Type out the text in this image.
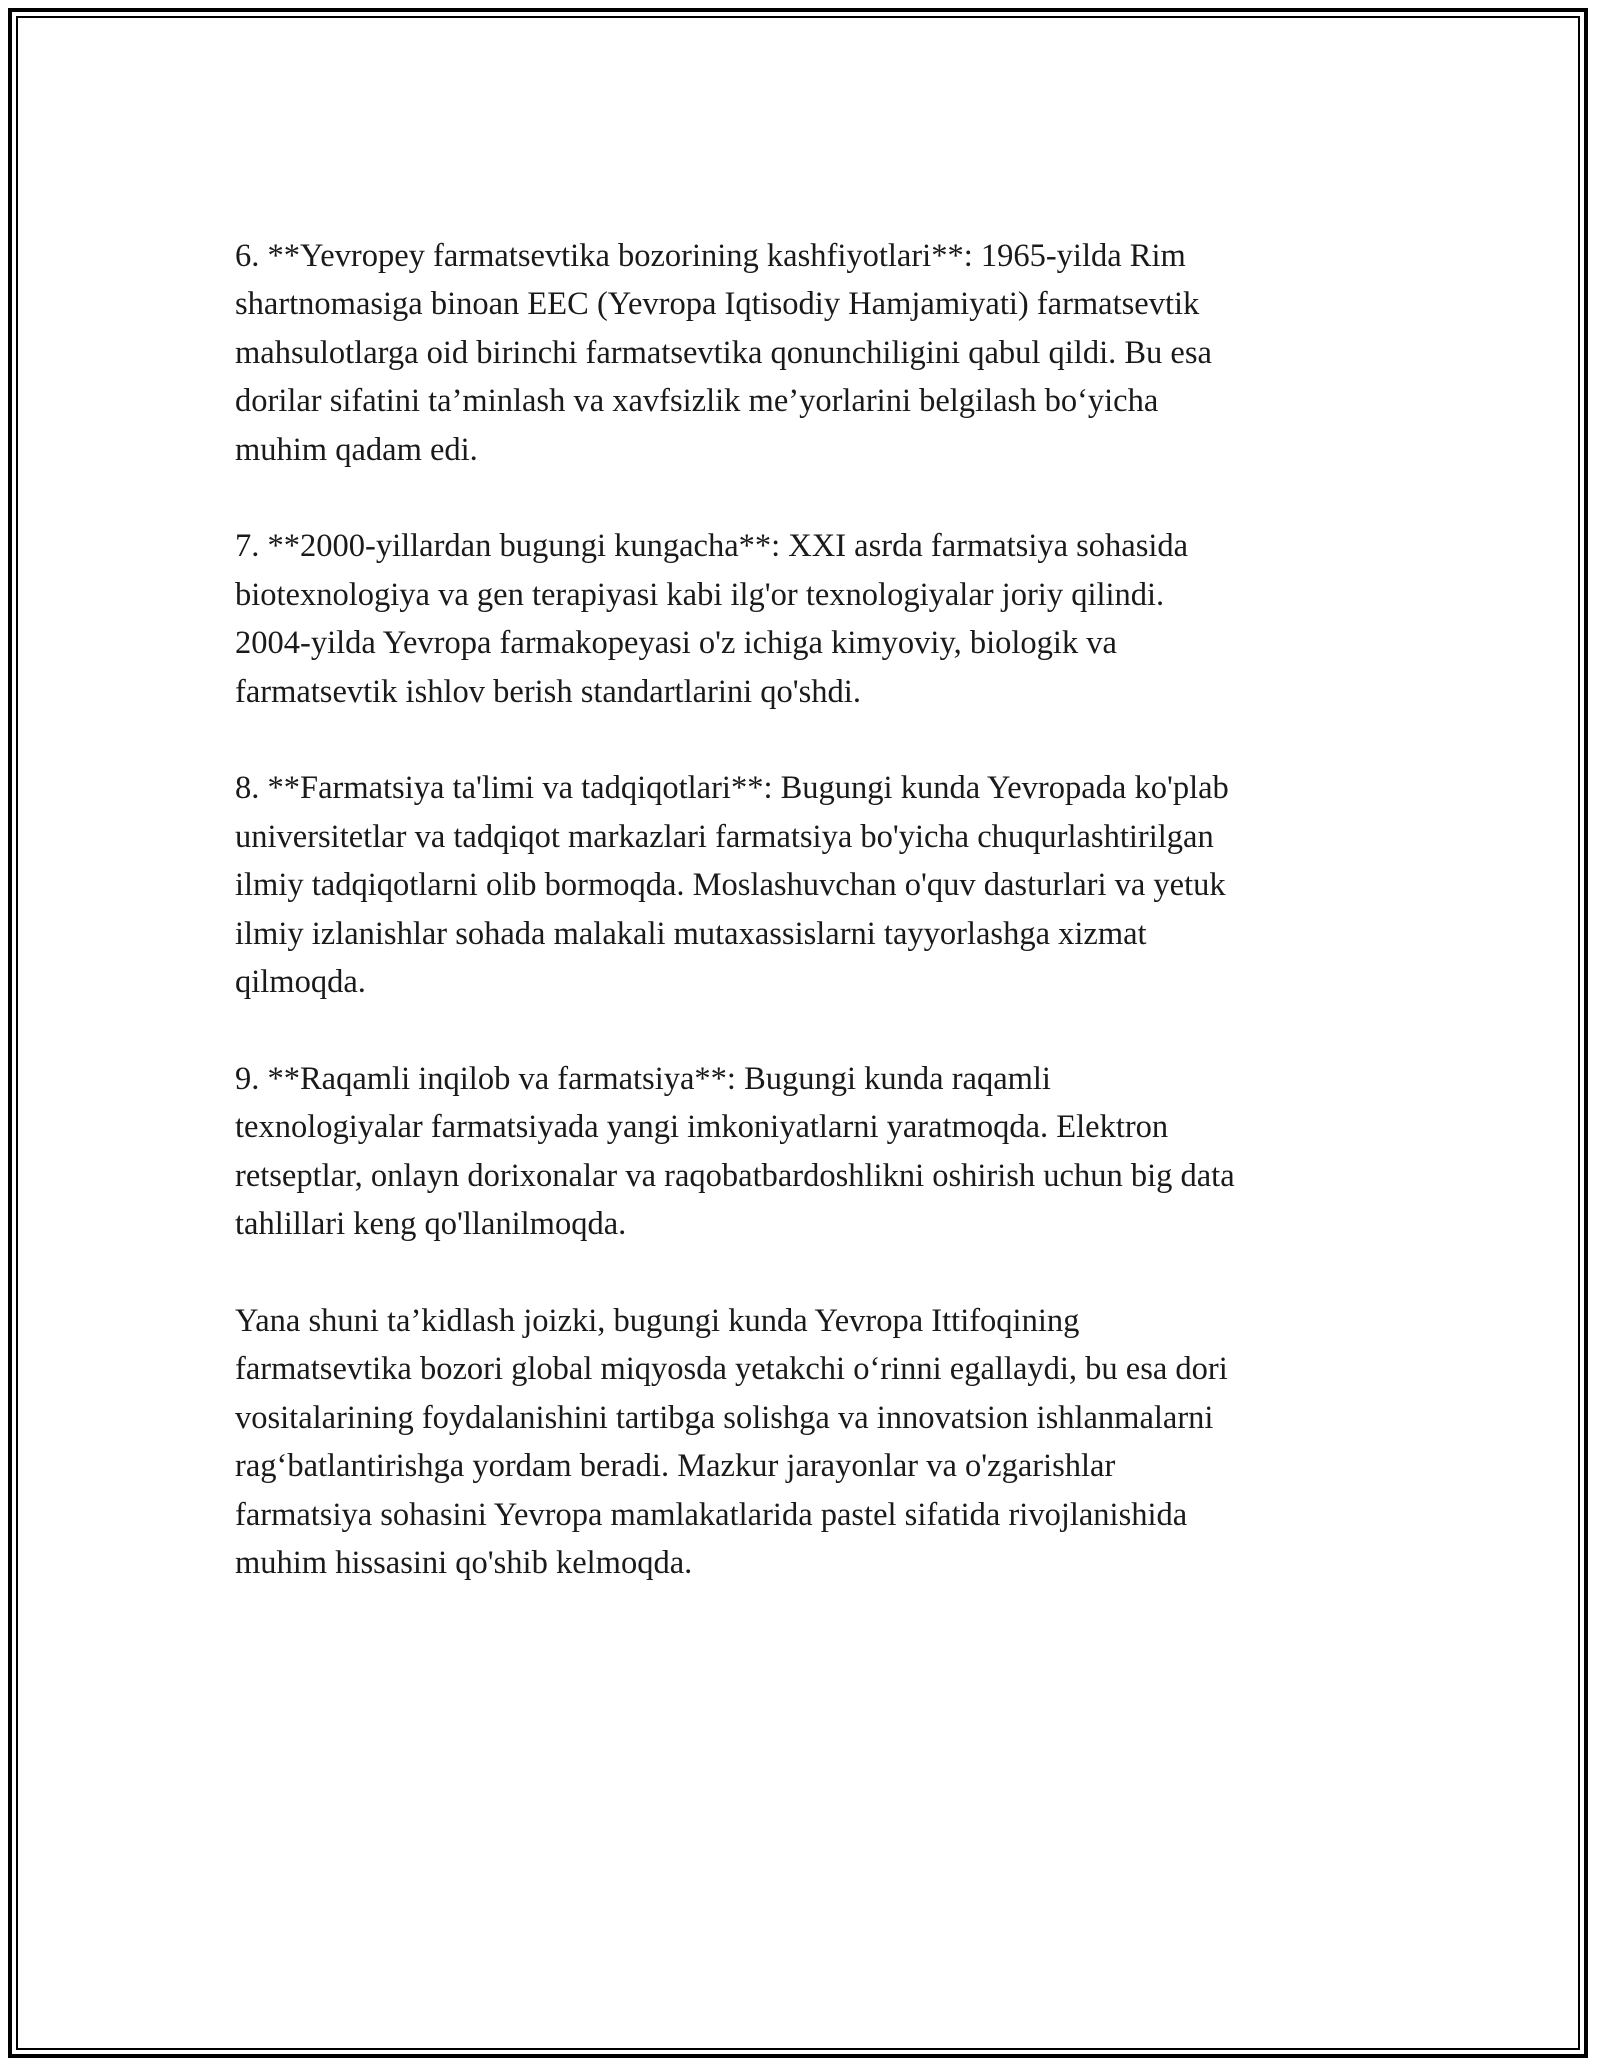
6. **Yevropey farmatsevtika bozorining kashfiyotlari**: 1965-yilda Rim
shartnomasiga binoan EEC (Yevropa Iqtisodiy Hamjamiyati) farmatsevtik
mahsulotlarga oid birinchi farmatsevtika qonunchiligini qabul qildi. Bu esa
dorilar sifatini ta’minlash va xavfsizlik me’yorlarini belgilash bo‘yicha
muhim qadam edi.

7. **2000-yillardan bugungi kungacha**: XXI asrda farmatsiya sohasida
biotexnologiya va gen terapiyasi kabi ilg'or texnologiyalar joriy qilindi.
2004-yilda Yevropa farmakopeyasi o'z ichiga kimyoviy, biologik va
farmatsevtik ishlov berish standartlarini qo'shdi.

8. **Farmatsiya ta'limi va tadqiqotlari**: Bugungi kunda Yevropada ko'plab
universitetlar va tadqiqot markazlari farmatsiya bo'yicha chuqurlashtirilgan
ilmiy tadqiqotlarni olib bormoqda. Moslashuvchan o'quv dasturlari va yetuk
ilmiy izlanishlar sohada malakali mutaxassislarni tayyorlashga xizmat
qilmoqda.

9. **Raqamli inqilob va farmatsiya**: Bugungi kunda raqamli
texnologiyalar farmatsiyada yangi imkoniyatlarni yaratmoqda. Elektron
retseptlar, onlayn dorixonalar va raqobatbardoshlikni oshirish uchun big data
tahlillari keng qo'llanilmoqda.

Yana shuni ta’kidlash joizki, bugungi kunda Yevropa Ittifoqining
farmatsevtika bozori global miqyosda yetakchi o‘rinni egallaydi, bu esa dori
vositalarining foydalanishini tartibga solishga va innovatsion ishlanmalarni
rag‘batlantirishga yordam beradi. Mazkur jarayonlar va o'zgarishlar
farmatsiya sohasini Yevropa mamlakatlarida pastel sifatida rivojlanishida
muhim hissasini qo'shib kelmoqda.
